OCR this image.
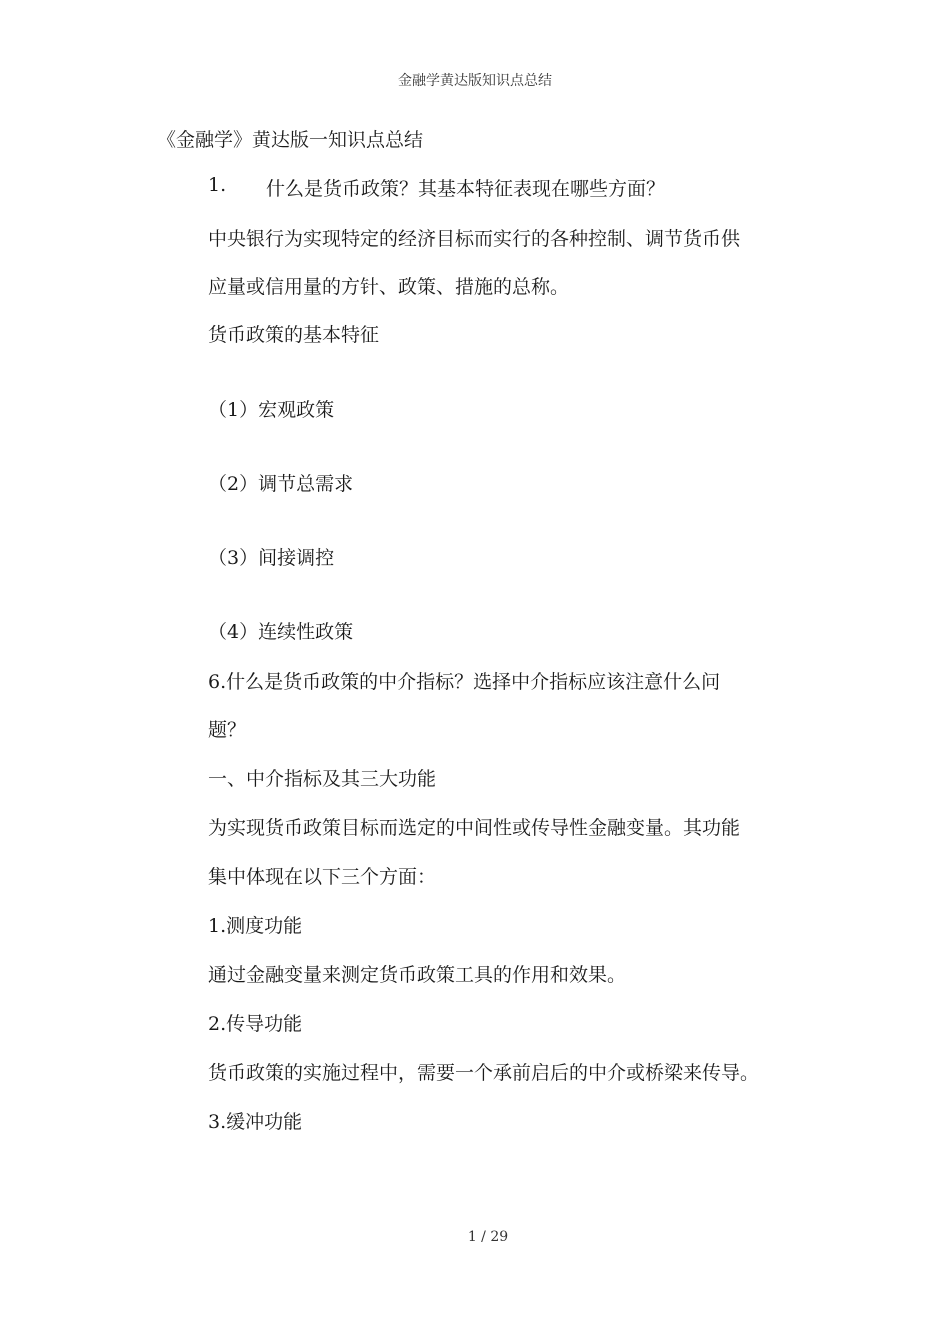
金融学黄达版知识点总结
《金融学》黄达版一知识点总结
1. 什么是货币政策？其基本特征表现在哪些方面？
中央银行为实现特定的经济目标而实行的各种控制、调节货币供
应量或信用量的方针、政策、措施的总称。
货币政策的基本特征
（1）宏观政策
（2）调节总需求
（3）间接调控
（4）连续性政策
6.什么是货币政策的中介指标？选择中介指标应该注意什么问
题？
一、中介指标及其三大功能
为实现货币政策目标而选定的中间性或传导性金融变量。其功能
集中体现在以下三个方面：
1.测度功能
通过金融变量来测定货币政策工具的作用和效果。
2.传导功能
货币政策的实施过程中，需要一个承前启后的中介或桥梁来传导。
3.缓冲功能
1 / 29
